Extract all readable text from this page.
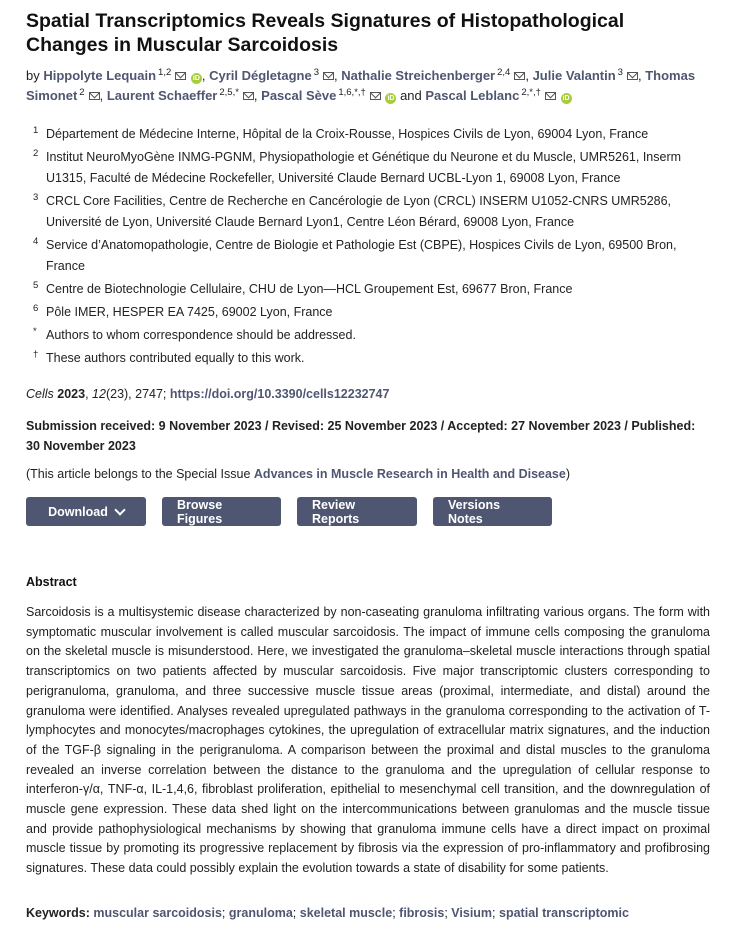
Spatial Transcriptomics Reveals Signatures of Histopathological Changes in Muscular Sarcoidosis
by Hippolyte Lequain $^{1,2}$ iD , Cyril Dégletagne $^3$ , Nathalie Streichenberger $^{2,4}$ , Julie Valantin $^3$ , Thomas Simonet $^2$ , Laurent Schaeffer $^{2,5,*}$ , Pascal Sève $^{1,6,*,\dagger}$ iD and Pascal Leblanc $^{2,*,\dagger}$ iD
1 Département de Médecine Interne, Hôpital de la Croix-Rousse, Hospices Civils de Lyon, 69004 Lyon, France
2 Institut NeuroMyoGène INMG-PGNM, Physiopathologie et Génétique du Neurone et du Muscle, UMR5261, Inserm U1315, Faculté de Médecine Rockefeller, Université Claude Bernard UCBL-Lyon 1, 69008 Lyon, France
3 CRCL Core Facilities, Centre de Recherche en Cancérologie de Lyon (CRCL) INSERM U1052-CNRS UMR5286, Université de Lyon, Université Claude Bernard Lyon1, Centre Léon Bérard, 69008 Lyon, France
4 Service d’Anatomopathologie, Centre de Biologie et Pathologie Est (CBPE), Hospices Civils de Lyon, 69500 Bron, France
5 Centre de Biotechnologie Cellulaire, CHU de Lyon—HCL Groupement Est, 69677 Bron, France
6 Pôle IMER, HESPER EA 7425, 69002 Lyon, France
* Authors to whom correspondence should be addressed.
† These authors contributed equally to this work.
Cells 2023, 12(23), 2747; https://doi.org/10.3390/cells12232747
Submission received: 9 November 2023 / Revised: 25 November 2023 / Accepted: 27 November 2023 / Published: 30 November 2023
(This article belongs to the Special Issue Advances in Muscle Research in Health and Disease)
Download	Browse Figures
Review Reports
Versions Notes
Abstract
Sarcoidosis is a multisystemic disease characterized by non-caseating granuloma infiltrating various organs. The form with symptomatic muscular involvement is called muscular sarcoidosis. The impact of immune cells composing the granuloma on the skeletal muscle is misunderstood. Here, we investigated the granuloma–skeletal muscle interactions through spatial transcriptomics on two patients affected by muscular sarcoidosis. Five major transcriptomic clusters corresponding to perigranuloma, granuloma, and three successive muscle tissue areas (proximal, intermediate, and distal) around the granuloma were identified. Analyses revealed upregulated pathways in the granuloma corresponding to the activation of T-lymphocytes and monocytes/macrophages cytokines, the upregulation of extracellular matrix signatures, and the induction of the TGF-β signaling in the perigranuloma. A comparison between the proximal and distal muscles to the granuloma revealed an inverse correlation between the distance to the granuloma and the upregulation of cellular response to interferon-γ/α, TNF-α, IL-1,4,6, fibroblast proliferation, epithelial to mesenchymal cell transition, and the downregulation of muscle gene expression. These data shed light on the intercommunications between granulomas and the muscle tissue and provide pathophysiological mechanisms by showing that granuloma immune cells have a direct impact on proximal muscle tissue by promoting its progressive replacement by fibrosis via the expression of pro-inflammatory and profibrosing signatures. These data could possibly explain the evolution towards a state of disability for some patients.
Keywords: muscular sarcoidosis; granuloma; skeletal muscle; fibrosis; Visium; spatial transcriptomic
